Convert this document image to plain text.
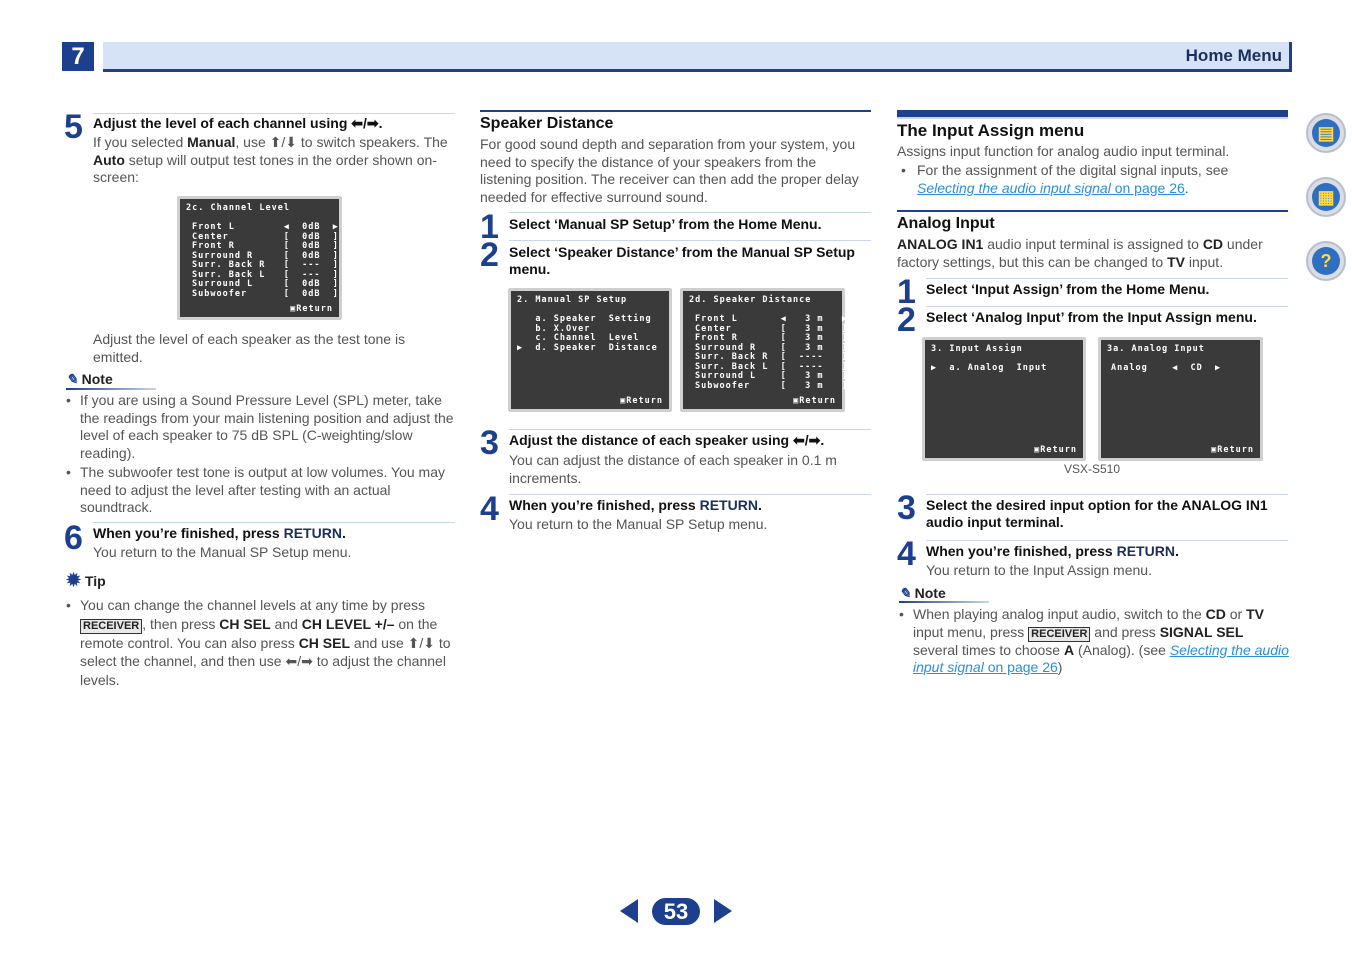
7	Home Menu
5 Adjust the level of each channel using ⬅/➡.
If you selected Manual, use ⬆/⬇ to switch speakers. The Auto setup will output test tones in the order shown on-screen:
2c. Channel Level
Front L        ◀  0dB  ▶
Center         [  0dB  ]
Front R        [  0dB  ]
Surround R     [  0dB  ]
Surr. Back R   [  ---  ]
Surr. Back L   [  ---  ]
Surround L     [  0dB  ]
Subwoofer      [  0dB  ]
▣Return
Adjust the level of each speaker as the test tone is emitted.
✎ Note
• If you are using a Sound Pressure Level (SPL) meter, take the readings from your main listening position and adjust the level of each speaker to 75 dB SPL (C-weighting/slow reading).
• The subwoofer test tone is output at low volumes. You may need to adjust the level after testing with an actual soundtrack.
6 When you’re finished, press RETURN.
You return to the Manual SP Setup menu.
✹ Tip
• You can change the channel levels at any time by press
RECEIVER , then press CH SEL and CH LEVEL +/– on the remote control. You can also press CH SEL and use ⬆/⬇ to select the channel, and then use ⬅/➡ to adjust the channel levels.
Speaker Distance
For good sound depth and separation from your system, you need to specify the distance of your speakers from the listening position. The receiver can then add the proper delay needed for effective surround sound.
1 Select ‘Manual SP Setup’ from the Home Menu.
2 Select ‘Speaker Distance’ from the Manual SP Setup menu.
2. Manual SP Setup
a. Speaker  Setting
b. X.Over
c. Channel  Level
▶  d. Speaker  Distance
▣Return
2d. Speaker Distance
Front L       ◀   3 m   ▶
Center        [   3 m   ]
Front R       [   3 m   ]
Surround R    [   3 m   ]
Surr. Back R  [  ----   ]
Surr. Back L  [  ----   ]
Surround L    [   3 m   ]
Subwoofer     [   3 m   ]
▣Return
3 Adjust the distance of each speaker using ⬅/➡.
You can adjust the distance of each speaker in 0.1 m increments.
4 When you’re finished, press RETURN.
You return to the Manual SP Setup menu.
The Input Assign menu
Assigns input function for analog audio input terminal.
• For the assignment of the digital signal inputs, see
Selecting the audio input signal on page 26.
Analog Input
ANALOG IN1 audio input terminal is assigned to CD under factory settings, but this can be changed to TV input.
1 Select ‘Input Assign’ from the Home Menu.
2 Select ‘Analog Input’ from the Input Assign menu.
3. Input Assign
▶  a. Analog  Input
▣Return
3a. Analog Input
Analog    ◀  CD  ▶
▣Return
VSX-S510
3 Select the desired input option for the ANALOG IN1 audio input terminal.
4 When you’re finished, press RETURN.
You return to the Input Assign menu.
✎ Note
• When playing analog input audio, switch to the CD or TV input menu, press RECEIVER and press SIGNAL SEL several times to choose A (Analog). (see Selecting the audio input signal on page 26)
▤
▦
?
53
